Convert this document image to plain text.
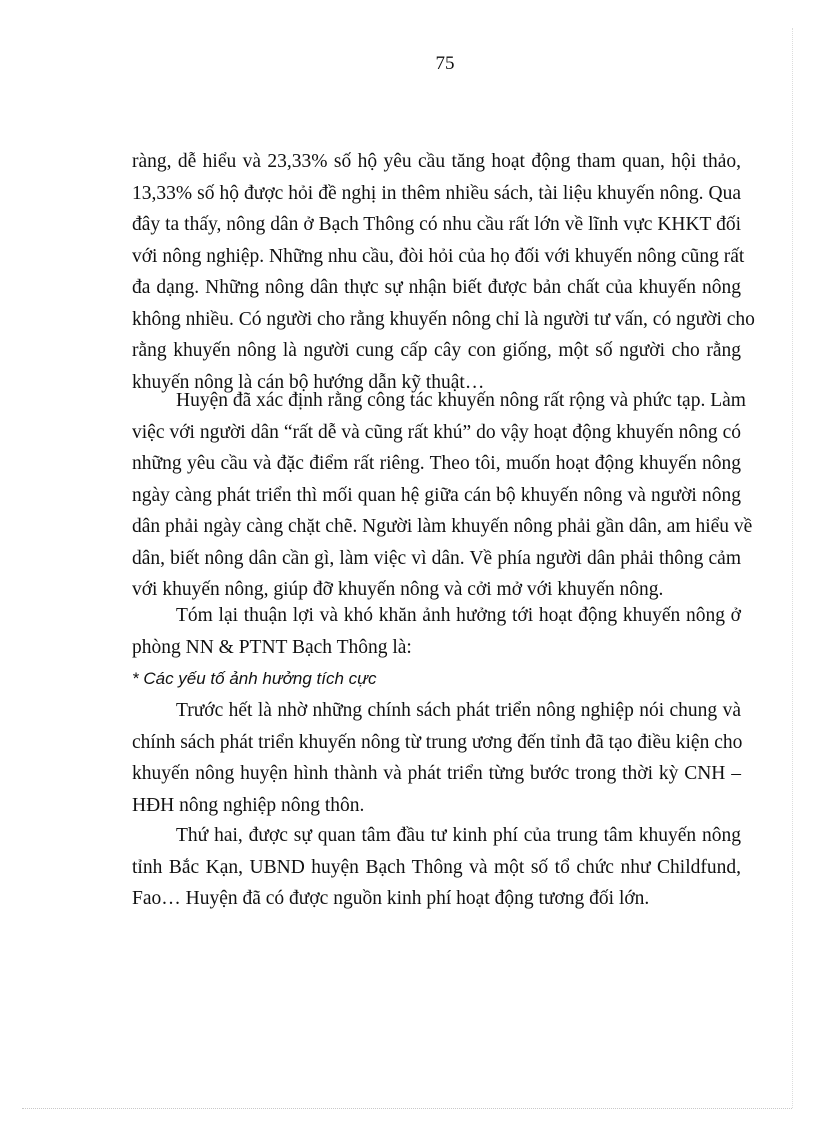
75
ràng, dễ hiểu và 23,33% số hộ yêu cầu tăng hoạt động tham quan, hội thảo,
13,33% số hộ được hỏi đề nghị in thêm nhiều sách, tài liệu khuyến nông. Qua
đây ta thấy, nông dân ở Bạch Thông có nhu cầu rất lớn về lĩnh vực KHKT đối
với nông nghiệp. Những nhu cầu, đòi hỏi của họ đối với khuyến nông cũng rất
đa dạng. Những nông dân thực sự nhận biết được bản chất của khuyến nông
không nhiều. Có người cho rằng khuyến nông chỉ là người tư vấn, có người cho
rằng khuyến nông là người cung cấp cây con giống, một số người cho rằng
khuyến nông là cán bộ hướng dẫn kỹ thuật…
Huyện đã xác định rằng công tác khuyến nông rất rộng và phức tạp. Làm
việc với người dân “rất dễ và cũng rất khú” do vậy hoạt động khuyến nông có
những yêu cầu và đặc điểm rất riêng. Theo tôi, muốn hoạt động khuyến nông
ngày càng phát triển thì mối quan hệ giữa cán bộ khuyến nông và người nông
dân phải ngày càng chặt chẽ. Người làm khuyến nông phải gần dân, am hiểu về
dân, biết nông dân cần gì, làm việc vì dân. Về phía người dân phải thông cảm
với khuyến nông, giúp đỡ khuyến nông và cởi mở với khuyến nông.
Tóm lại thuận lợi và khó khăn ảnh hưởng tới hoạt động khuyến nông ở
phòng NN & PTNT Bạch Thông là:
* Các yếu tố ảnh hưởng tích cực
Trước hết là nhờ những chính sách phát triển nông nghiệp nói chung và
chính sách phát triển khuyến nông từ trung ương đến tỉnh đã tạo điều kiện cho
khuyến nông huyện hình thành và phát triển từng bước trong thời kỳ CNH –
HĐH nông nghiệp nông thôn.
Thứ hai, được sự quan tâm đầu tư kinh phí của trung tâm khuyến nông
tỉnh Bắc Kạn, UBND huyện Bạch Thông và một số tổ chức như Childfund,
Fao… Huyện đã có được nguồn kinh phí hoạt động tương đối lớn.
